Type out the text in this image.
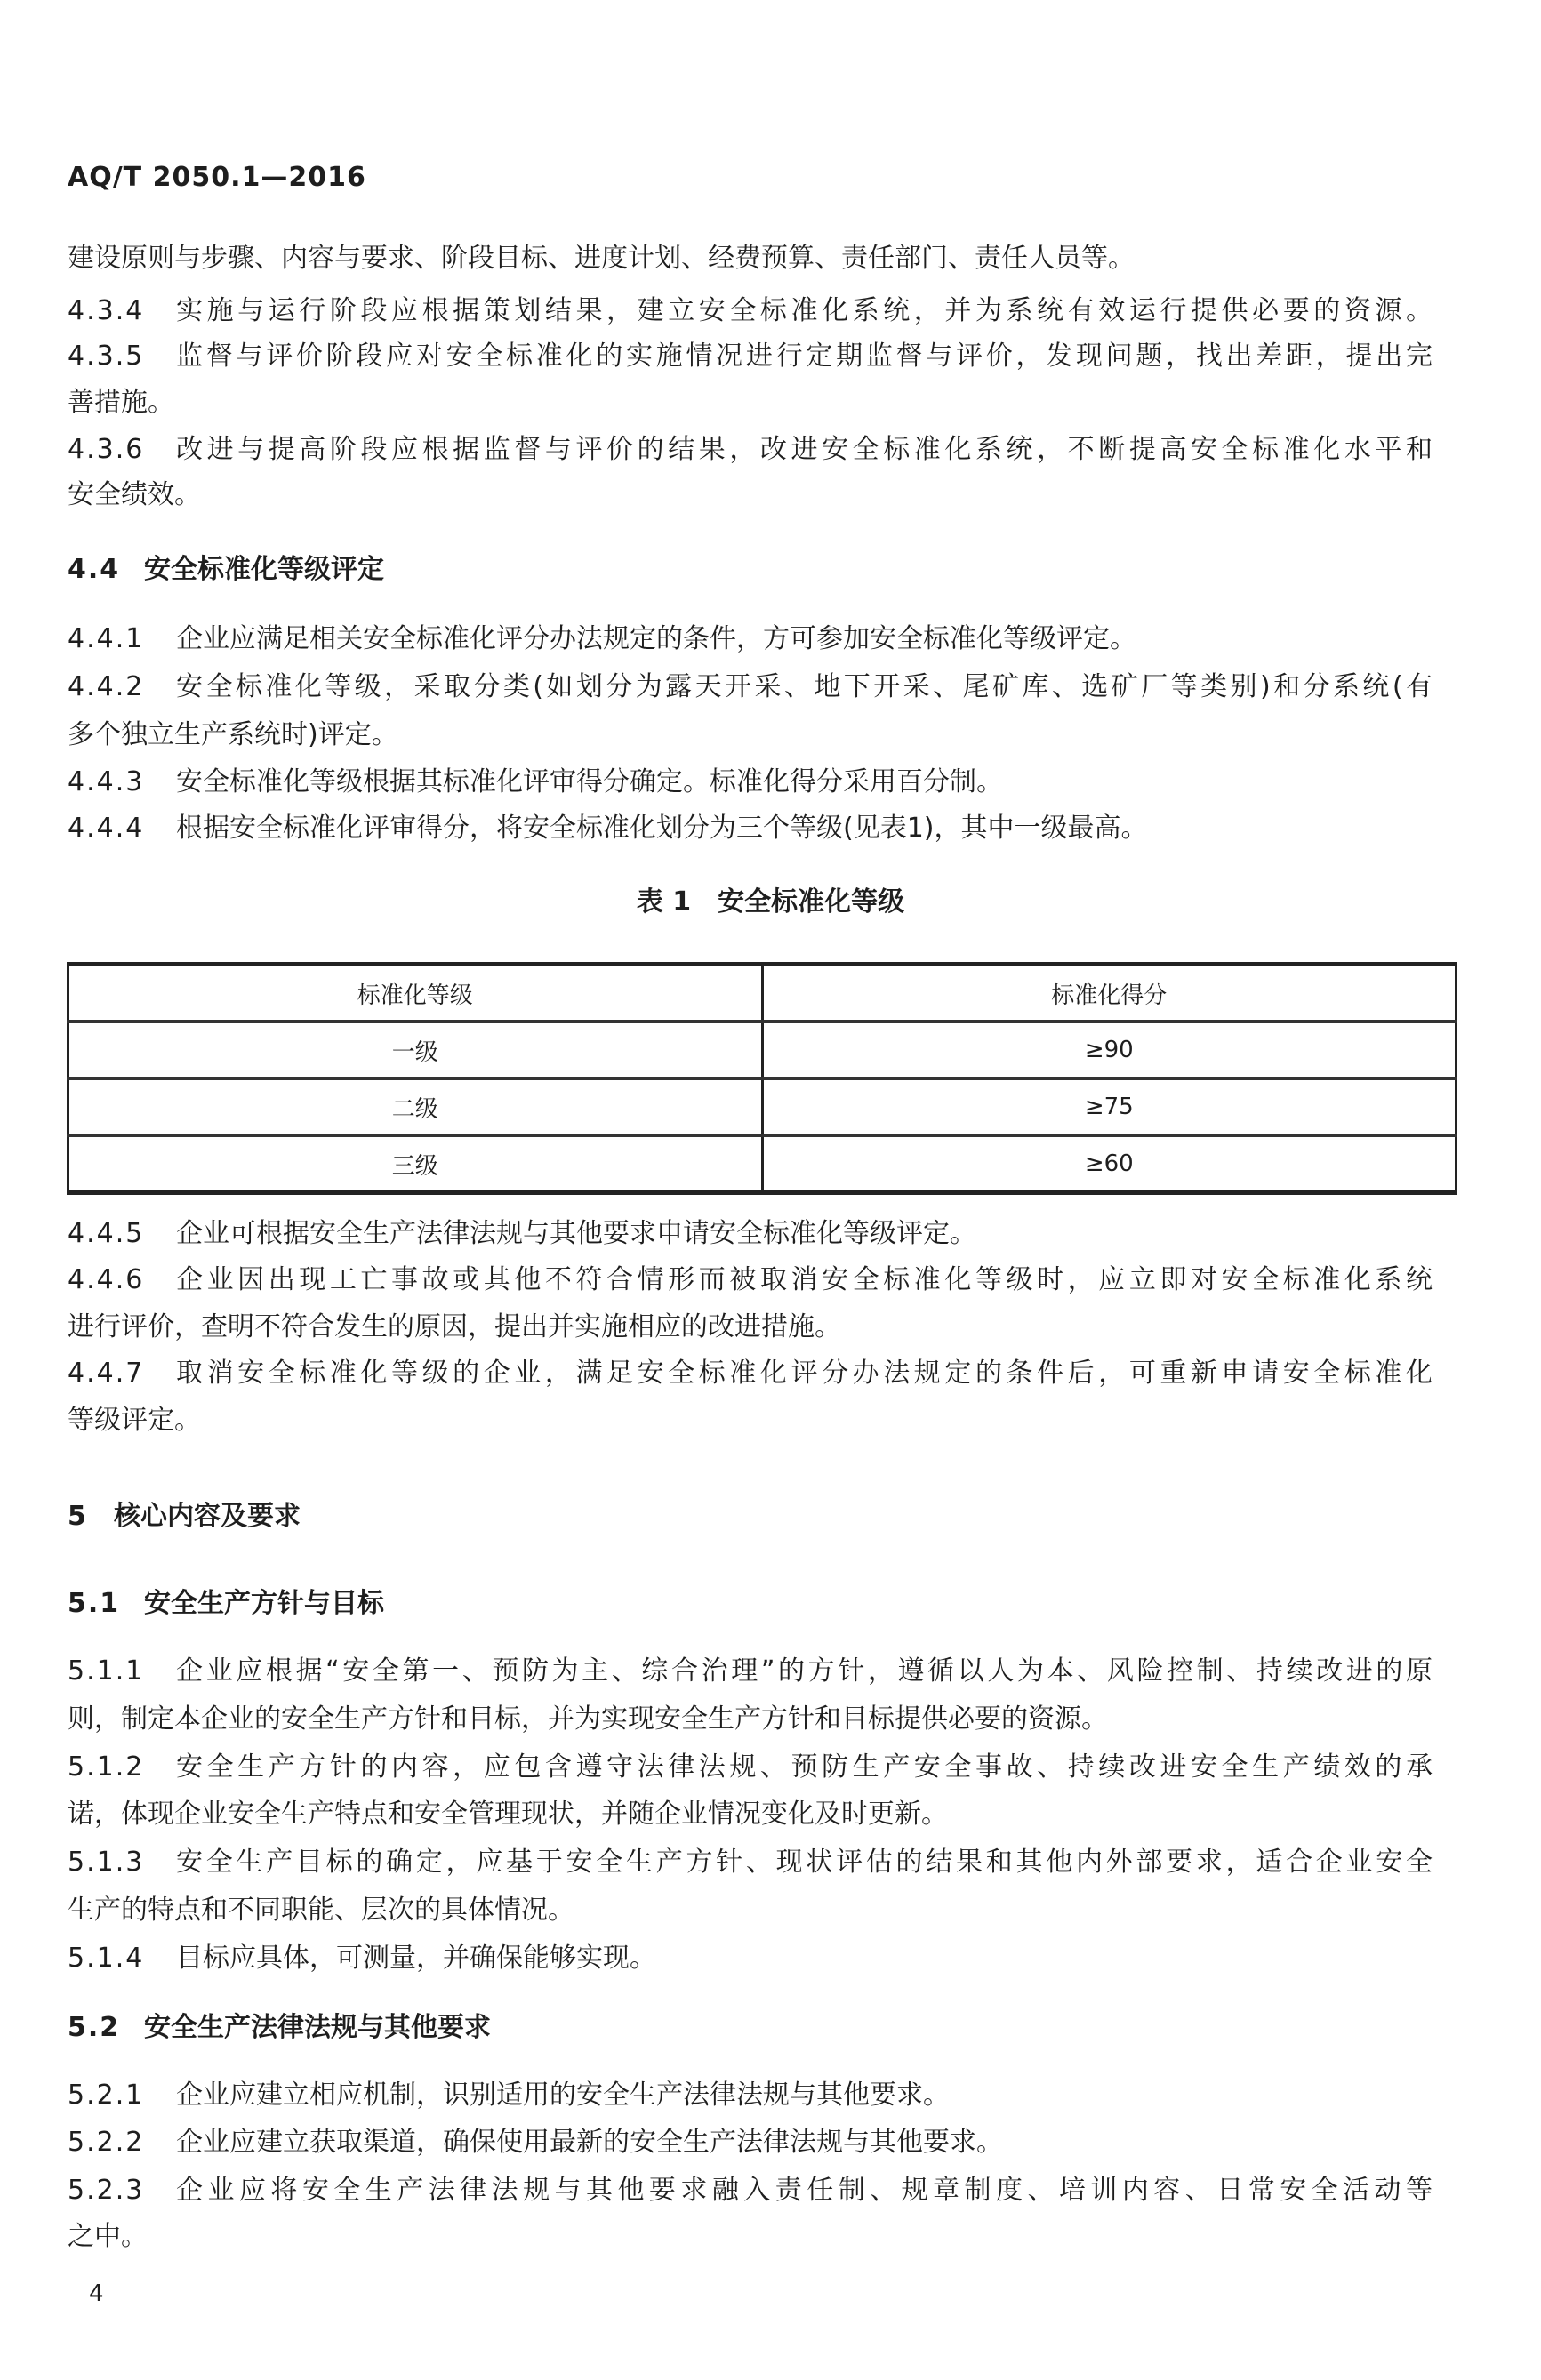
AQ/T 2050.1—2016
建设原则与步骤、内容与要求、阶段目标、进度计划、经费预算、责任部门、责任人员等。
4.3.4	实施与运行阶段应根据策划结果，建立安全标准化系统，并为系统有效运行提供必要的资源。
4.3.5	监督与评价阶段应对安全标准化的实施情况进行定期监督与评价，发现问题，找出差距，提出完
善措施。
4.3.6	改进与提高阶段应根据监督与评价的结果，改进安全标准化系统，不断提高安全标准化水平和
安全绩效。
4.4 安全标准化等级评定
4.4.1	企业应满足相关安全标准化评分办法规定的条件，方可参加安全标准化等级评定。
4.4.2	安全标准化等级，采取分类(如划分为露天开采、地下开采、尾矿库、选矿厂等类别)和分系统(有
多个独立生产系统时)评定。
4.4.3	安全标准化等级根据其标准化评审得分确定。标准化得分采用百分制。
4.4.4	根据安全标准化评审得分，将安全标准化划分为三个等级(见表1)，其中一级最高。
表 1　安全标准化等级
标准化等级	标准化得分
一级	≥90
二级	≥75
三级	≥60
4.4.5	企业可根据安全生产法律法规与其他要求申请安全标准化等级评定。
4.4.6	企业因出现工亡事故或其他不符合情形而被取消安全标准化等级时，应立即对安全标准化系统
进行评价，查明不符合发生的原因，提出并实施相应的改进措施。
4.4.7	取消安全标准化等级的企业，满足安全标准化评分办法规定的条件后，可重新申请安全标准化
等级评定。
5 核心内容及要求
5.1 安全生产方针与目标
5.1.1	企业应根据“安全第一、预防为主、综合治理”的方针，遵循以人为本、风险控制、持续改进的原
则，制定本企业的安全生产方针和目标，并为实现安全生产方针和目标提供必要的资源。
5.1.2	安全生产方针的内容，应包含遵守法律法规、预防生产安全事故、持续改进安全生产绩效的承
诺，体现企业安全生产特点和安全管理现状，并随企业情况变化及时更新。
5.1.3	安全生产目标的确定，应基于安全生产方针、现状评估的结果和其他内外部要求，适合企业安全
生产的特点和不同职能、层次的具体情况。
5.1.4	目标应具体，可测量，并确保能够实现。
5.2 安全生产法律法规与其他要求
5.2.1	企业应建立相应机制，识别适用的安全生产法律法规与其他要求。
5.2.2	企业应建立获取渠道，确保使用最新的安全生产法律法规与其他要求。
5.2.3	企业应将安全生产法律法规与其他要求融入责任制、规章制度、培训内容、日常安全活动等
之中。
4
